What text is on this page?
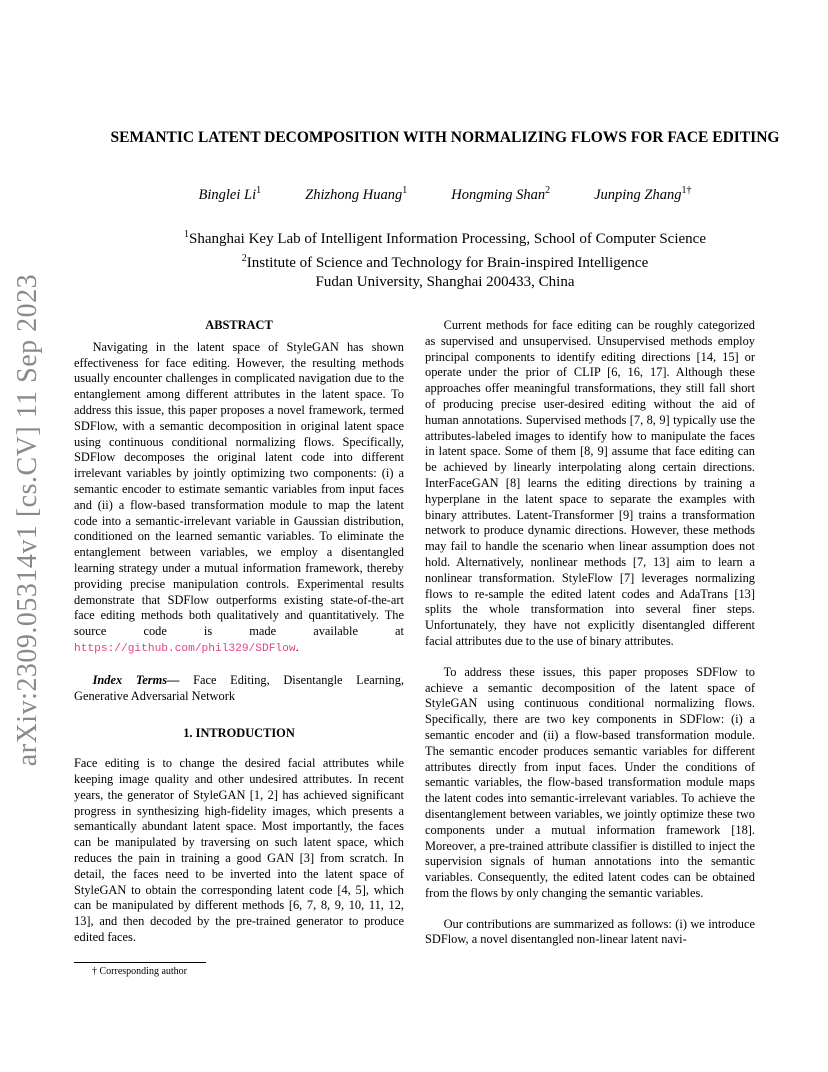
arXiv:2309.05314v1 [cs.CV] 11 Sep 2023
SEMANTIC LATENT DECOMPOSITION WITH NORMALIZING FLOWS FOR FACE EDITING
Binglei Li$^1$	Zhizhong Huang$^1$	Hongming Shan$^2$	Junping Zhang$^{1\dagger}$
$^1$Shanghai Key Lab of Intelligent Information Processing, School of Computer Science
$^2$Institute of Science and Technology for Brain-inspired Intelligence
Fudan University, Shanghai 200433, China
ABSTRACT

Navigating in the latent space of StyleGAN has shown effectiveness for face editing. However, the resulting methods usually encounter challenges in complicated navigation due to the entanglement among different attributes in the latent space. To address this issue, this paper proposes a novel framework, termed SDFlow, with a semantic decomposition in original latent space using continuous conditional normalizing flows. Specifically, SDFlow decomposes the original latent code into different irrelevant variables by jointly optimizing two components: (i) a semantic encoder to estimate semantic variables from input faces and (ii) a flow-based transformation module to map the latent code into a semantic-irrelevant variable in Gaussian distribution, conditioned on the learned semantic variables. To eliminate the entanglement between variables, we employ a disentangled learning strategy under a mutual information framework, thereby providing precise manipulation controls. Experimental results demonstrate that SDFlow outperforms existing state-of-the-art face editing methods both qualitatively and quantitatively. The source code is made available at https://github.com/phil329/SDFlow.

Index Terms— Face Editing, Disentangle Learning, Generative Adversarial Network

1. INTRODUCTION

Face editing is to change the desired facial attributes while keeping image quality and other undesired attributes. In recent years, the generator of StyleGAN [1, 2] has achieved significant progress in synthesizing high-fidelity images, which presents a semantically abundant latent space. Most importantly, the faces can be manipulated by traversing on such latent space, which reduces the pain in training a good GAN [3] from scratch. In detail, the faces need to be inverted into the latent space of StyleGAN to obtain the corresponding latent code [4, 5], which can be manipulated by different methods [6, 7, 8, 9, 10, 11, 12, 13], and then decoded by the pre-trained generator to produce edited faces.

Current methods for face editing can be roughly categorized as supervised and unsupervised. Unsupervised methods employ principal components to identify editing directions [14, 15] or operate under the prior of CLIP [6, 16, 17]. Although these approaches offer meaningful transformations, they still fall short of producing precise user-desired editing without the aid of human annotations. Supervised methods [7, 8, 9] typically use the attributes-labeled images to identify how to manipulate the faces in latent space. Some of them [8, 9] assume that face editing can be achieved by linearly interpolating along certain directions. InterFaceGAN [8] learns the editing directions by training a hyperplane in the latent space to separate the examples with binary attributes. Latent-Transformer [9] trains a transformation network to produce dynamic directions. However, these methods may fail to handle the scenario when linear assumption does not hold. Alternatively, nonlinear methods [7, 13] aim to learn a nonlinear transformation. StyleFlow [7] leverages normalizing flows to re-sample the edited latent codes and AdaTrans [13] splits the whole transformation into several finer steps. Unfortunately, they have not explicitly disentangled different facial attributes due to the use of binary attributes.

To address these issues, this paper proposes SDFlow to achieve a semantic decomposition of the latent space of StyleGAN using continuous conditional normalizing flows. Specifically, there are two key components in SDFlow: (i) a semantic encoder and (ii) a flow-based transformation module. The semantic encoder produces semantic variables for different attributes directly from input faces. Under the conditions of semantic variables, the flow-based transformation module maps the latent codes into semantic-irrelevant variables. To achieve the disentanglement between variables, we jointly optimize these two components under a mutual information framework [18]. Moreover, a pre-trained attribute classifier is distilled to inject the supervision signals of human annotations into the semantic variables. Consequently, the edited latent codes can be obtained from the flows by only changing the semantic variables.

Our contributions are summarized as follows: (i) we introduce SDFlow, a novel disentangled non-linear latent navi-

† Corresponding author
